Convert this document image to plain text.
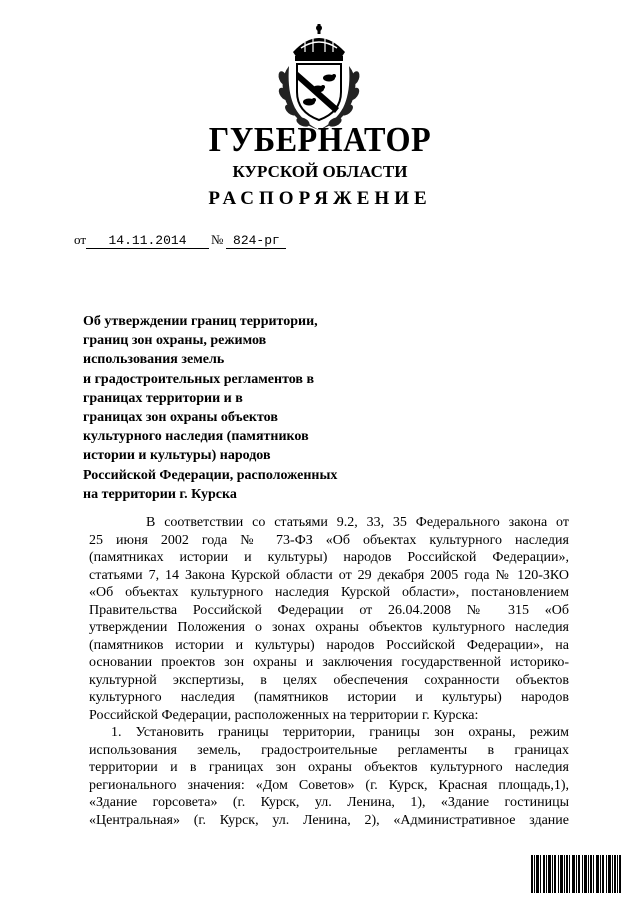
ГУБЕРНАТОР
КУРСКОЙ ОБЛАСТИ
РАСПОРЯЖЕНИЕ
от 14.11.2014 № 824-рг
Об утверждении границ территории,
границ зон охраны, режимов
использования земель
и градостроительных регламентов в
границах территории и в
границах зон охраны объектов
культурного наследия (памятников
истории и культуры) народов
Российской Федерации, расположенных
на территории г. Курска
В соответствии со статьями 9.2, 33, 35 Федерального закона от
25 июня 2002 года № 73-ФЗ «Об объектах культурного наследия
(памятниках истории и культуры) народов Российской Федерации»,
статьями 7, 14 Закона Курской области от 29 декабря 2005 года № 120-ЗКО
«Об объектах культурного наследия Курской области», постановлением
Правительства Российской Федерации от 26.04.2008 № 315 «Об
утверждении Положения о зонах охраны объектов культурного наследия
(памятников истории и культуры) народов Российской Федерации», на
основании проектов зон охраны и заключения государственной историко-
культурной экспертизы, в целях обеспечения сохранности объектов
культурного наследия (памятников истории и культуры) народов
Российской Федерации, расположенных на территории г. Курска:
1. Установить границы территории, границы зон охраны, режим
использования земель, градостроительные регламенты в границах
территории и в границах зон охраны объектов культурного наследия
регионального значения: «Дом Советов» (г. Курск, Красная площадь,1),
«Здание горсовета» (г. Курск, ул. Ленина, 1), «Здание гостиницы
«Центральная» (г. Курск, ул. Ленина, 2), «Административное здание
